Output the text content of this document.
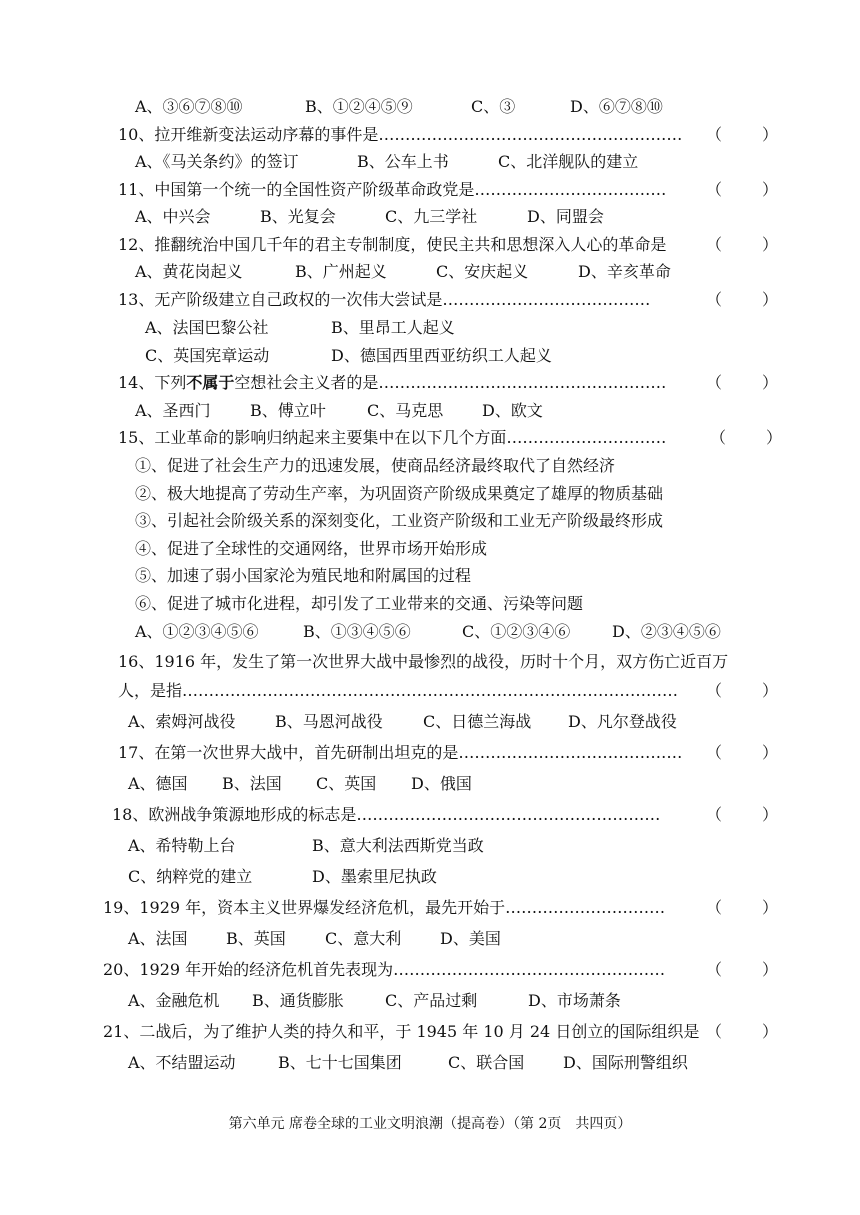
A、③⑥⑦⑧⑩	B、①②④⑤⑨	C、③	D、⑥⑦⑧⑩
10、拉开维新变法运动序幕的事件是………………………………………………… （	）
A、《马关条约》的签订	B、公车上书	C、北洋舰队的建立
11、中国第一个统一的全国性资产阶级革命政党是……………………………… （	）
A、中兴会	B、光复会	C、九三学社	D、同盟会
12、推翻统治中国几千年的君主专制制度，使民主共和思想深入人心的革命是 （	）
A、黄花岗起义	B、广州起义	C、安庆起义	D、辛亥革命
13、无产阶级建立自己政权的一次伟大尝试是…………………………………	（	）
A、法国巴黎公社	B、里昂工人起义
C、英国宪章运动	D、德国西里西亚纺织工人起义
14、下列不属于空想社会主义者的是……………………………………………… （	）
A、圣西门 B、傅立叶	C、马克思 D、欧文
15、工业革命的影响归纳起来主要集中在以下几个方面…………………………	（	）
①、促进了社会生产力的迅速发展，使商品经济最终取代了自然经济
②、极大地提高了劳动生产率，为巩固资产阶级成果奠定了雄厚的物质基础
③、引起社会阶级关系的深刻变化，工业资产阶级和工业无产阶级最终形成
④、促进了全球性的交通网络，世界市场开始形成
⑤、加速了弱小国家沦为殖民地和附属国的过程
⑥、促进了城市化进程，却引发了工业带来的交通、污染等问题
A、①②③④⑤⑥	B、①③④⑤⑥	C、①②③④⑥	D、②③④⑤⑥
16、1916 年，发生了第一次世界大战中最惨烈的战役，历时十个月，双方伤亡近百万
人，是指………………………………………………………………………………… （	）
A、索姆河战役 B、马恩河战役	C、日德兰海战 D、凡尔登战役
17、在第一次世界大战中，首先研制出坦克的是…………………………………… （	）
A、德国 B、法国 C、英国 D、俄国
18、欧洲战争策源地形成的标志是…………………………………………………	（	）
A、希特勒上台	B、意大利法西斯党当政
C、纳粹党的建立	D、墨索里尼执政
19、1929 年，资本主义世界爆发经济危机，最先开始于…………………………	（	）
A、法国 B、英国 C、意大利 D、美国
20、1929 年开始的经济危机首先表现为……………………………………………	（	）
A、金融危机 B、通货膨胀	C、产品过剩	D、市场萧条
21、二战后，为了维护人类的持久和平，于 1945 年 10 月 24 日创立的国际组织是 （	）
A、不结盟运动	B、七十七国集团	C、联合国 D、国际刑警组织
第六单元 席卷全球的工业文明浪潮（提高卷）（第 2页　共四页）
